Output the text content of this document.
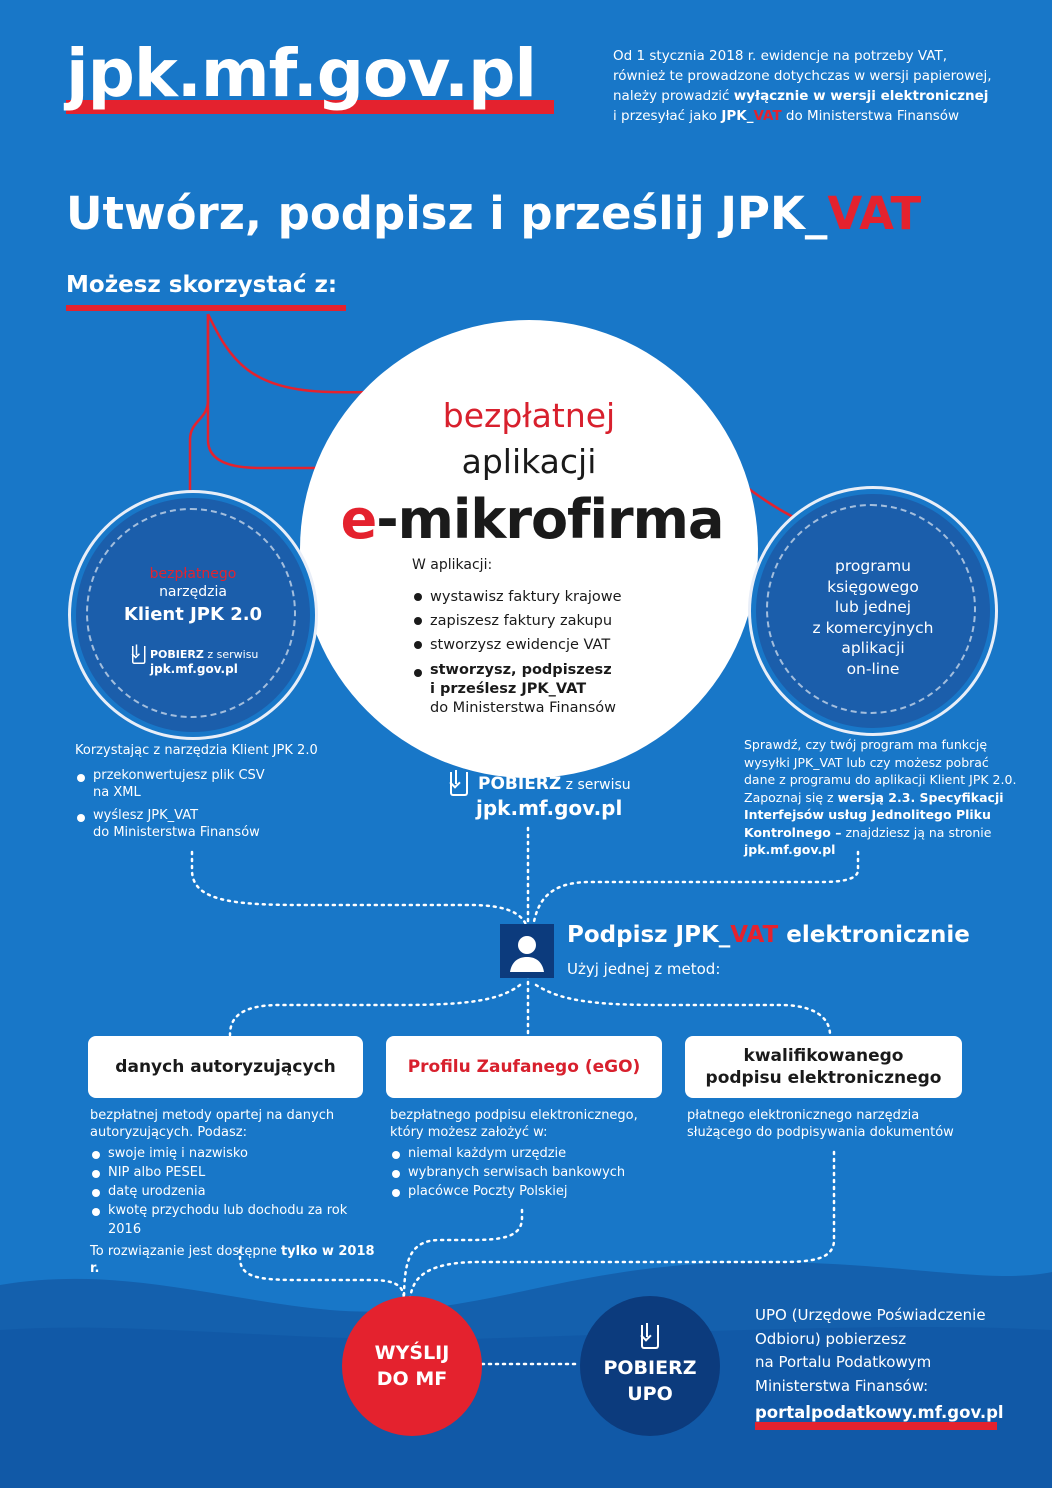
jpk.mf.gov.pl	Od 1 stycznia 2018 r. ewidencje na potrzeby VAT,
również te prowadzone dotychczas w wersji papierowej,
należy prowadzić wyłącznie w wersji elektronicznej
i przesyłać jako JPK_VAT do Ministerstwa Finansów
Utwórz, podpisz i prześlij JPK_VAT
Możesz skorzystać z:
bezpłatnej
aplikacji
e-mikrofirma
W aplikacji:
wystawisz faktury krajowe
zapiszesz faktury zakupu
stworzysz ewidencje VAT
stworzysz, podpiszesz
i prześlesz JPK_VAT
do Ministerstwa Finansów
POBIERZ z serwisu
jpk.mf.gov.pl
bezpłatnego
narzędzia
Klient JPK 2.0
POBIERZ z serwisu
jpk.mf.gov.pl
Korzystając z narzędzia Klient JPK 2.0
przekonwertujesz plik CSV
na XML
wyślesz JPK_VAT
do Ministerstwa Finansów
programu
księgowego
lub jednej
z komercyjnych
aplikacji
on-line
Sprawdź, czy twój program ma funkcję
wysyłki JPK_VAT lub czy możesz pobrać
dane z programu do aplikacji Klient JPK 2.0.
Zapoznaj się z wersją 2.3. Specyfikacji
Interfejsów usług Jednolitego Pliku
Kontrolnego – znajdziesz ją na stronie
jpk.mf.gov.pl
Podpisz JPK_VAT elektronicznie
Użyj jednej z metod:
danych autoryzujących	Profilu Zaufanego (eGO)
kwalifikowanego
podpisu elektronicznego
bezpłatnej metody opartej na danych
autoryzujących. Podasz:
swoje imię i nazwisko
NIP albo PESEL
datę urodzenia
kwotę przychodu lub dochodu za rok 2016
To rozwiązanie jest dostępne tylko w 2018 r.
bezpłatnego podpisu elektronicznego,
który możesz założyć w:
niemal każdym urzędzie
wybranych serwisach bankowych
placówce Poczty Polskiej
płatnego elektronicznego narzędzia
służącego do podpisywania dokumentów
WYŚLIJ
DO MF	POBIERZ
UPO
UPO (Urzędowe Poświadczenie
Odbioru) pobierzesz
na Portalu Podatkowym
Ministerstwa Finansów:
portalpodatkowy.mf.gov.pl
